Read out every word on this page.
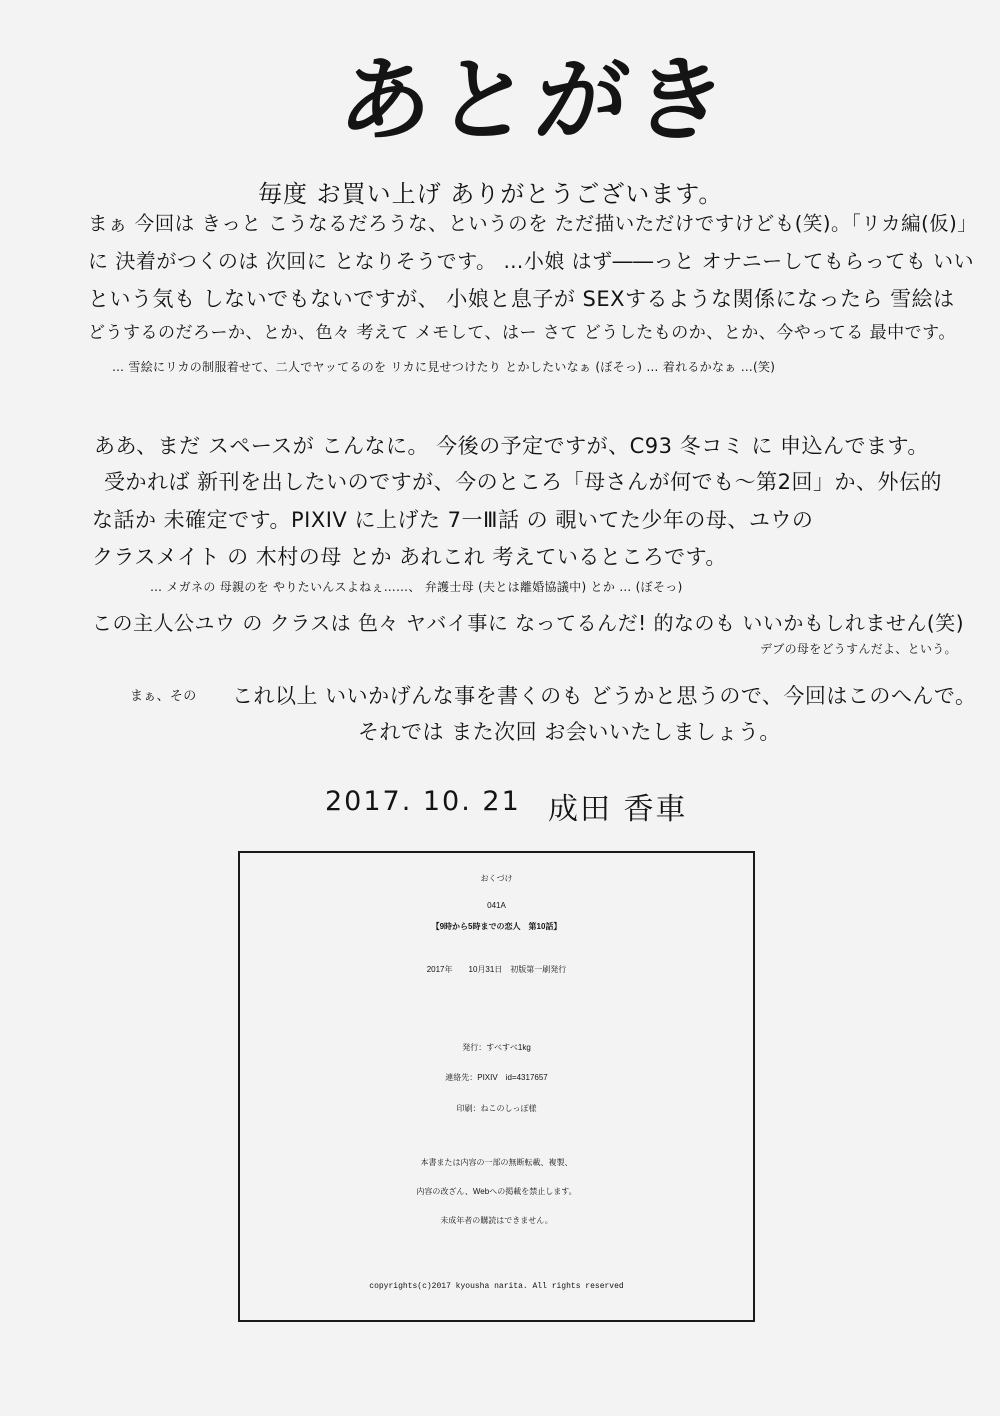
あとがき
毎度 お買い上げ ありがとうございます。
まぁ 今回は きっと こうなるだろうな、というのを ただ描いただけですけども(笑)。「リカ編(仮)」
に 決着がつくのは 次回に となりそうです。 …小娘 はず――っと オナニーしてもらっても いい
という気も しないでもないですが、 小娘と息子が SEXするような関係になったら 雪絵は
どうするのだろーか、とか、色々 考えて メモして、はー さて どうしたものか、とか、今やってる 最中です。
… 雪絵にリカの制服着せて、二人でヤッてるのを リカに見せつけたり とかしたいなぁ (ぼそっ) … 着れるかなぁ …(笑)
ああ、まだ スペースが こんなに。 今後の予定ですが、C93 冬コミ に 申込んでます。
受かれば 新刊を出したいのですが、今のところ「母さんが何でも～第2回」か、外伝的
な話か 未確定です。PIXIV に上げた 7一Ⅲ話 の 覗いてた少年の母、ユウの
クラスメイト の 木村の母 とか あれこれ 考えているところです。
… メガネの 母親のを やりたいんスよねぇ……、 弁護士母 (夫とは離婚協議中) とか … (ぼそっ)
この主人公ユウ の クラスは 色々 ヤバイ事に なってるんだ! 的なのも いいかもしれません(笑)
デブの母をどうすんだよ、という。
まぁ、その これ以上 いいかげんな事を書くのも どうかと思うので、今回はこのへんで。
それでは また次回 お会いいたしましょう。
2017. 10. 21 成田 香車
おくづけ
041A
【9時から5時までの恋人　第10話】
2017年　　10月31日　初版第一刷発行
発行：すべすべ1kg
連絡先：PIXIV　id=4317657
印刷：ねこのしっぽ様
本書または内容の一部の無断転載、複製、
内容の改ざん、Webへの掲載を禁止します。
未成年者の購読はできません。
copyrights(c)2017 kyousha narita. All rights reserved
